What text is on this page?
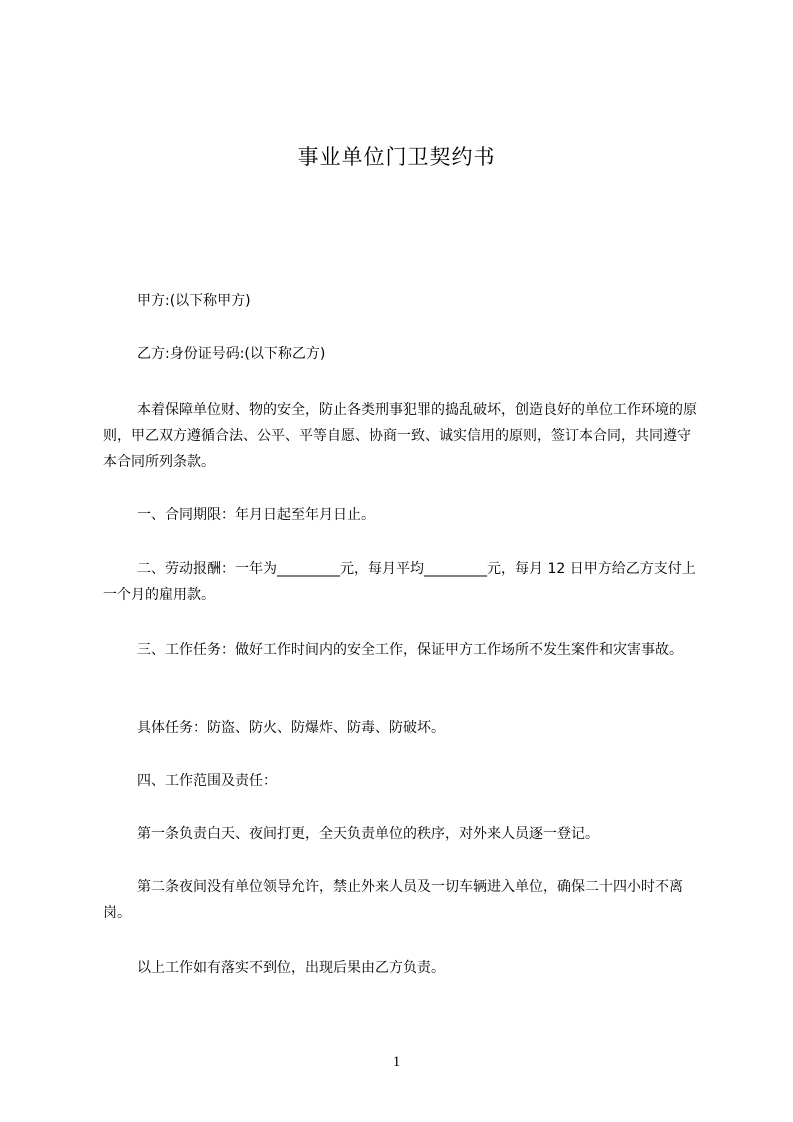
事业单位门卫契约书

甲方:(以下称甲方)

乙方:身份证号码:(以下称乙方)

本着保障单位财、物的安全，防止各类刑事犯罪的捣乱破坏，创造良好的单位工作环境的原则，甲乙双方遵循合法、公平、平等自愿、协商一致、诚实信用的原则，签订本合同，共同遵守本合同所列条款。

一、合同期限：年月日起至年月日止。

二、劳动报酬：一年为_________元，每月平均_________元，每月 12 日甲方给乙方支付上一个月的雇用款。

三、工作任务：做好工作时间内的安全工作，保证甲方工作场所不发生案件和灾害事故。

具体任务：防盗、防火、防爆炸、防毒、防破坏。

四、工作范围及责任：

第一条负责白天、夜间打更，全天负责单位的秩序，对外来人员逐一登记。

第二条夜间没有单位领导允许，禁止外来人员及一切车辆进入单位，确保二十四小时不离岗。

以上工作如有落实不到位，出现后果由乙方负责。

1
